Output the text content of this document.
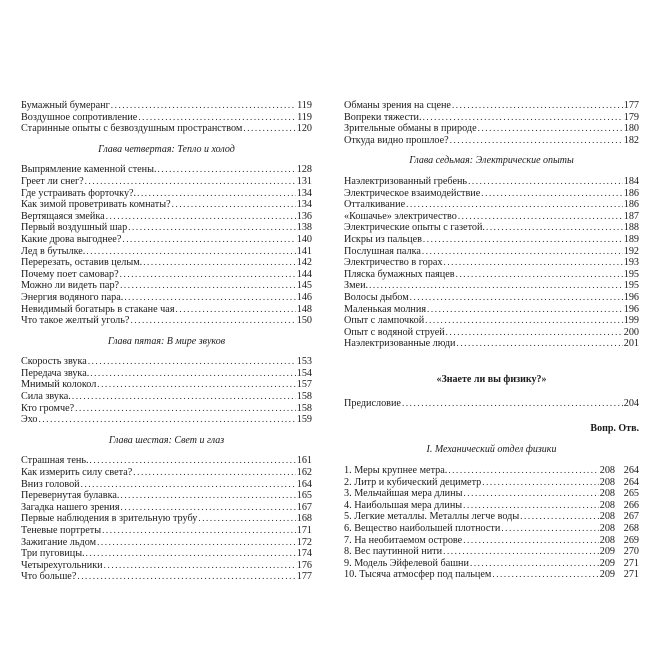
Бумажный бумеранг .....	119
Воздушное сопротивление .....	119
Старинные опыты с безвоздушным пространством .....	120
Глава четвертая: Тепло и холод
Выпрямление каменной стены. .....	128
Греет ли снег? .....	131
Где устраивать форточку?. .....	134
Как зимой проветривать комнаты? .....	134
Вертящаяся змейка .....	136
Первый воздушный шар .....	138
Какие дрова выгоднее? .....	140
Лед в бутылке. .....	141
Перерезать, оставив целым. .....	142
Почему поет самовар? .....	144
Можно ли видеть пар? .....	145
Энергия водяного пара. .....	146
Невидимый богатырь в стакане чая .....	148
Что такое желтый уголь? .....	150
Глава пятая: В мире звуков
Скорость звука .....	153
Передача звука. .....	154
Мнимый колокол .....	157
Сила звука. .....	158
Кто громче? .....	158
Эхо .....	159
Глава шестая: Свет и глаз
Страшная тень. .....	161
Как измерить силу света? .....	162
Вниз головой .....	164
Перевернутая булавка. .....	165
Загадка нашего зрения .....	167
Первые наблюдения в зрительную трубу .....	168
Теневые портреты .....	171
Зажигание льдом .....	172
Три пуговицы. .....	174
Четырехугольники .....	176
Что больше? .....	177
Обманы зрения на сцене .....	177
Вопреки тяжести. .....	179
Зрительные обманы в природе .....	180
Откуда видно прошлое? .....	182
Глава седьмая: Электрические опыты
Наэлектризованный гребень .....	184
Электрическое взаимодействие .....	186
Отталкивание .....	186
«Кошачье» электричество .....	187
Электрические опыты с газетой. .....	188
Искры из пальцев .....	189
Послушная палка .....	192
Электричество в горах .....	193
Пляска бумажных паяцев .....	195
Змеи. .....	195
Волосы дыбом .....	196
Маленькая молния .....	196
Опыт с лампочкой .....	199
Опыт с водяной струей .....	200
Наэлектризованные люди .....	201
«Знаете ли вы физику?»
Предисловие .....	204
Вопр. Отв.
I. Механический отдел физики
1. Меры крупнее метра. .....	208 264
2. Литр и кубический дециметр .....	208 264
3. Мельчайшая мера длины .....	208 265
4. Наибольшая мера длины .....	208 266
5. Легкие металлы. Металлы легче воды .....	208 267
6. Вещество наибольшей плотности .....	208 268
7. На необитаемом острове .....	208 269
8. Вес паутинной нити .....	209 270
9. Модель Эйфелевой башни .....	209 271
10. Тысяча атмосфер под пальцем .....	209 271
